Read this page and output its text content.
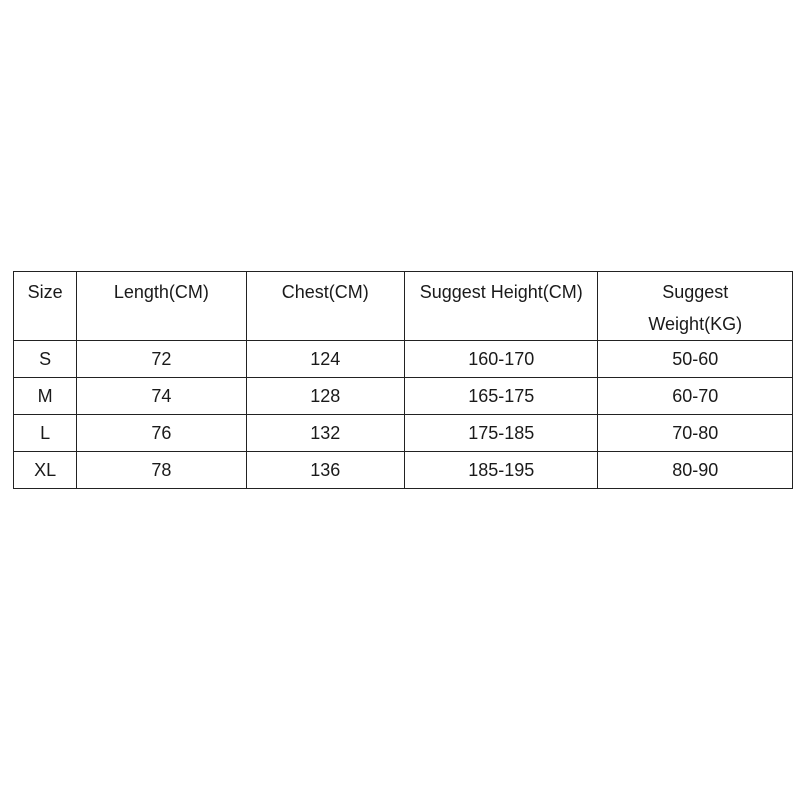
Size	Length(CM)	Chest(CM)	Suggest Height(CM)	Suggest
Weight(KG)

S	72	124	160-170	50-60
M	74	128	165-175	60-70
L	76	132	175-185	70-80
XL	78	136	185-195	80-90
